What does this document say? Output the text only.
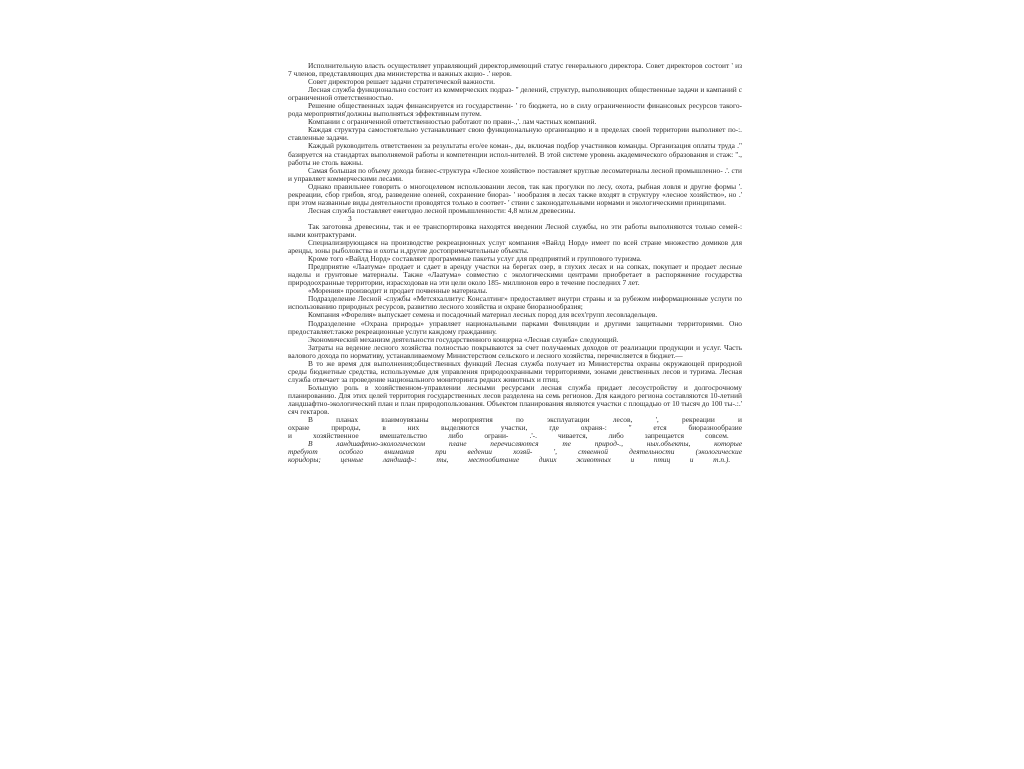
Исполнительную власть осуществляет управляющий директор,имеющий статус генерального директора. Совет директоров состоит ' из 7 членов, представляющих два министерства и важных акцио- .' неров.

Совет директоров решает задачи стратегической важности.

Лесная служба функционально состоит из коммерческих подраз- " делений, структур, выполняющих общественные задачи и кампаний с ограниченной ответственностью.

Решение общественных задач финансируется из государственн- ' го бюджета, но в силу ограниченности финансовых ресурсов такого-рода мероприятия'должны выполняться эффективным путем.

Компании с ограниченной ответственностью работают по прави-.,'. лам частных компаний.

Каждая структура самостоятельно устанавливает свою функциональную организацию и в пределах своей территории выполняет по-:. ставленные задачи.

Каждый руководитель ответственен за результаты его/ее коман-, ды, включая подбор участников команды. Организация оплаты труда ." базируется на стандартах выполняемой работы и компетенции испол-нителей. В этой системе уровень академического образования и стаж: "., работы не столь важны.

Самая большая по объему дохода бизнес-структура «Лесное хозяйство» поставляет круглые лесоматериалы лесной промышленно- .'. сти и управляет коммерческими лесами.

Однако правильнее говорить о многоцелевом использовании лесов, так как прогулки по лесу, охота, рыбная ловля и другие формы '. рекреации, сбор грибов, ягод, разведение оленей, сохранение биораз- ' нообразия в лесах также входят в структуру «лесное хозяйство», но .' при этом названные виды деятельности проводятся только в соответ- ' ствии с законодательными нормами и экологическими принципами.

Лесная служба поставляет ежегодно лесной промышленности: 4,8 млн.м древесины.

3

Так заготовка древесины, так и ее транспортировка находятся введении Лесной службы, но эти работы выполняются только семей-: ными контрактурами.

Специализирующаяся на производстве рекреационных услуг компания «Вайлд Норд» имеет по всей стране множество домиков для аренды, зоны рыболовства и охоты и.другие достопримечательные объекты.

Кроме того «Вайлд Норд» составляет программные пакеты услуг для предприятий и группового туризма.

Предприятие «Лаатума» продает и сдает в аренду участки на берегах озер, в глухих лесах и на сопках, покупает и продает лесные наделы и грунтовые материалы. Также «Лаатума» совместно с экологическими центрами приобретает в распоряжение государства природоохранные территории, израсходовав на эти цели около 185- миллионов евро в течение последних 7 лет.

«Морения» производит и продает почвенные материалы.

Подразделение Лесной -службы «Метсяхаллитус Консалтинг» предоставляет внутри страны и за рубежом информационные услуги по использованию природных ресурсов, развитию лесного хозяйства и охране биоразнообразия;

Компания «Форелия» выпускает семена и посадочный материал лесных пород для всех'групп лесовладельцев.

Подразделение «Охрана природы» управляет национальными парками Финляндии и другими защитными территориями. Оно предоставляет.также рекреационные услуги каждому гражданину.

Экономический механизм деятельности государственного концерна «Лесная служба» следующий.

Затраты на ведение лесного хозяйства полностью покрываются за счет получаемых доходов от реализации продукции и услуг. Часть валового дохода по нормативу, устанавливаемому Министерством сельского и лесного хозяйства, перечисляется в бюджет.—

В то же время для выполнения;общественных функций Лесная служба получает из Министерства охраны окружающей природной среды бюджетные средства, используемые для управления природоохранными территориями, зонами девственных лесов и туризма. Лесная служба отвечает за проведение национального мониторинга редких животных и птиц.

Большую роль в хозяйственном-управлении лесными ресурсами лесная служба придает лесоустройству и долгосрочному планированию. Для этих целей территория государственных лесов разделена на семь регионов. Для каждого региона составляются 10-летний ландшафтно-экологический план и план природопользования. Объектом планирования являются участки с площадью от 10 тысяч до 100 ты-.:.' сяч гектаров.

В планах взаимоувязаны мероприятия по эксплуатации лесов, ', рекреации и охране природы, в них выделяются участки, где охраня-: " ется биоразнообразие и хозяйственное вмешательство либо ограни- .'-. чивается, либо запрещается совсем.

В ландшафтно-экологическом плане перечисляются те природ-., ных.объекты, которые требуют особого внимания при ведении хозяй- ', ственной деятельности (экологические коридоры; ценные ландшаф-: ты, местообитание диких животных и птиц и т.п.).
